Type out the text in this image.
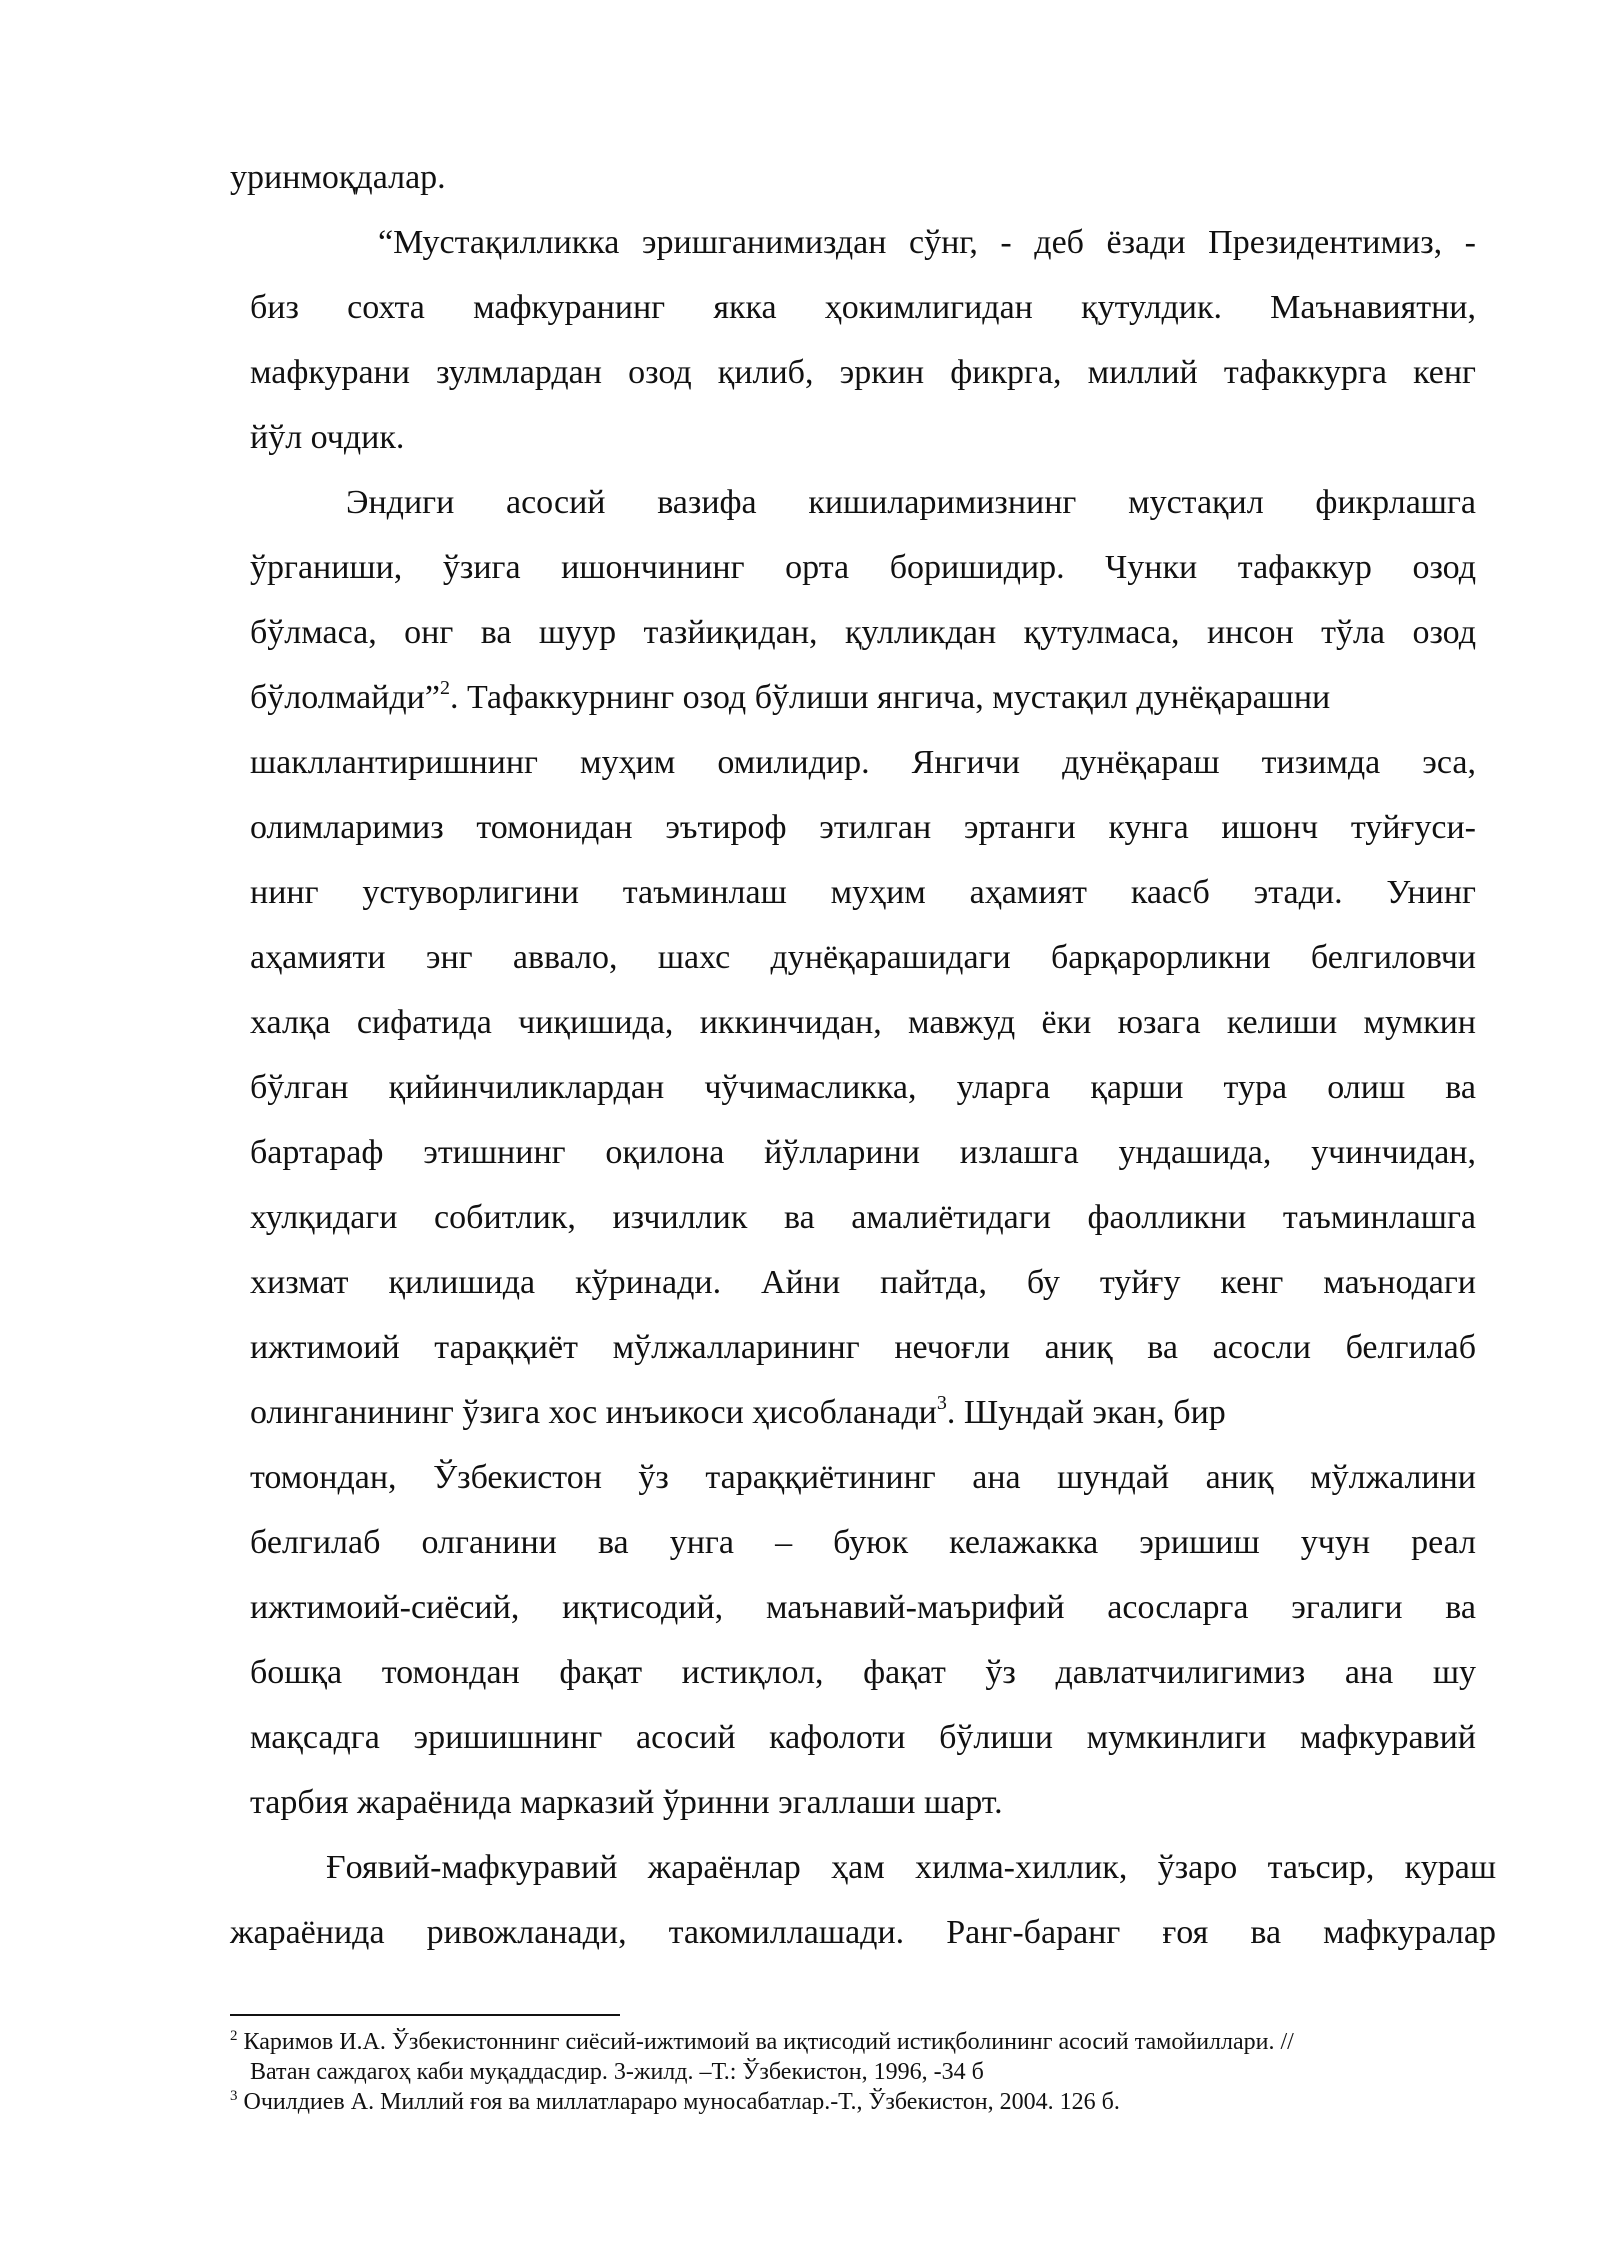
уринмоқдалар.

“Мустақилликка эришганимиздан сўнг, - деб ёзади Президентимиз, -

биз сохта мафкуранинг якка ҳокимлигидан қутулдик. Маънавиятни,

мафкурани зулмлардан озод қилиб, эркин фикрга, миллий тафаккурга кенг

йўл очдик.

Эндиги асосий вазифа кишиларимизнинг мустақил фикрлашга

ўрганиши, ўзига ишончининг орта боришидир. Чунки тафаккур озод

бўлмаса, онг ва шуур тазйиқидан, қулликдан қутулмаса, инсон тўла озод

бўлолмайди”$^2$. Тафаккурнинг озод бўлиши янгича, мустақил дунёқарашни

шакллантиришнинг муҳим омилидир. Янгичи дунёқараш тизимда эса,

олимларимиз томонидан эътироф этилган эртанги кунга ишонч туйғуси-

нинг устуворлигини таъминлаш муҳим аҳамият каасб этади. Унинг

аҳамияти энг аввало, шахс дунёқарашидаги барқарорликни белгиловчи

халқа сифатида чиқишида, иккинчидан, мавжуд ёки юзага келиши мумкин

бўлган қийинчиликлардан чўчимасликка, уларга қарши тура олиш ва

бартараф этишнинг оқилона йўлларини излашга ундашида, учинчидан,

хулқидаги собитлик, изчиллик ва амалиётидаги фаолликни таъминлашга

хизмат қилишида кўринади. Айни пайтда, бу туйғу кенг маънодаги

ижтимоий тараққиёт мўлжалларининг нечоғли аниқ ва асосли белгилаб

олинганининг ўзига хос инъикоси ҳисобланади$^3$. Шундай экан, бир

томондан, Ўзбекистон ўз тараққиётининг ана шундай аниқ мўлжалини

белгилаб олганини ва унга – буюк келажакка эришиш учун реал

ижтимоий-сиёсий, иқтисодий, маънавий-маърифий асосларга эгалиги ва

бошқа томондан фақат истиқлол, фақат ўз давлатчилигимиз ана шу

мақсадга эришишнинг асосий кафолоти бўлиши мумкинлиги мафкуравий

тарбия жараёнида марказий ўринни эгаллаши шарт.

Ғоявий-мафкуравий жараёнлар ҳам хилма-хиллик, ўзаро таъсир, кураш

жараёнида ривожланади, такомиллашади. Ранг-баранг ғоя ва мафкуралар

$^2$ Каримов И.А. Ўзбекистоннинг сиёсий-ижтимоий ва иқтисодий истиқболининг асосий тамойиллари. //

Ватан саждагоҳ каби муқаддасдир. 3-жилд. –Т.: Ўзбекистон, 1996, -34 б

$^3$ Очилдиев А. Миллий ғоя ва миллатлараро муносабатлар.-Т., Ўзбекистон, 2004. 126 б.
